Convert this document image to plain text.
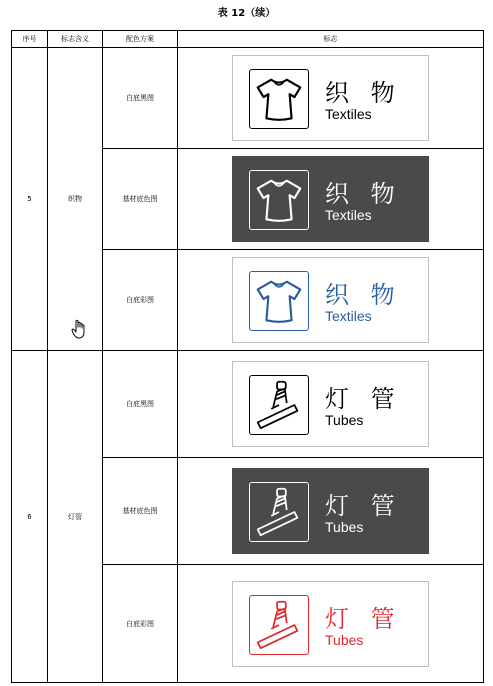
表 12（续）
序号	标志含义	配色方案	标志
5	织物	白底黑图	织 物
Textiles

		基材底色图	织 物
Textiles

		白底彩图	织 物
Textiles

6	灯管	白底黑图	灯 管
Tubes

		基材底色图	灯 管
Tubes

		白底彩图	灯 管
Tubes
